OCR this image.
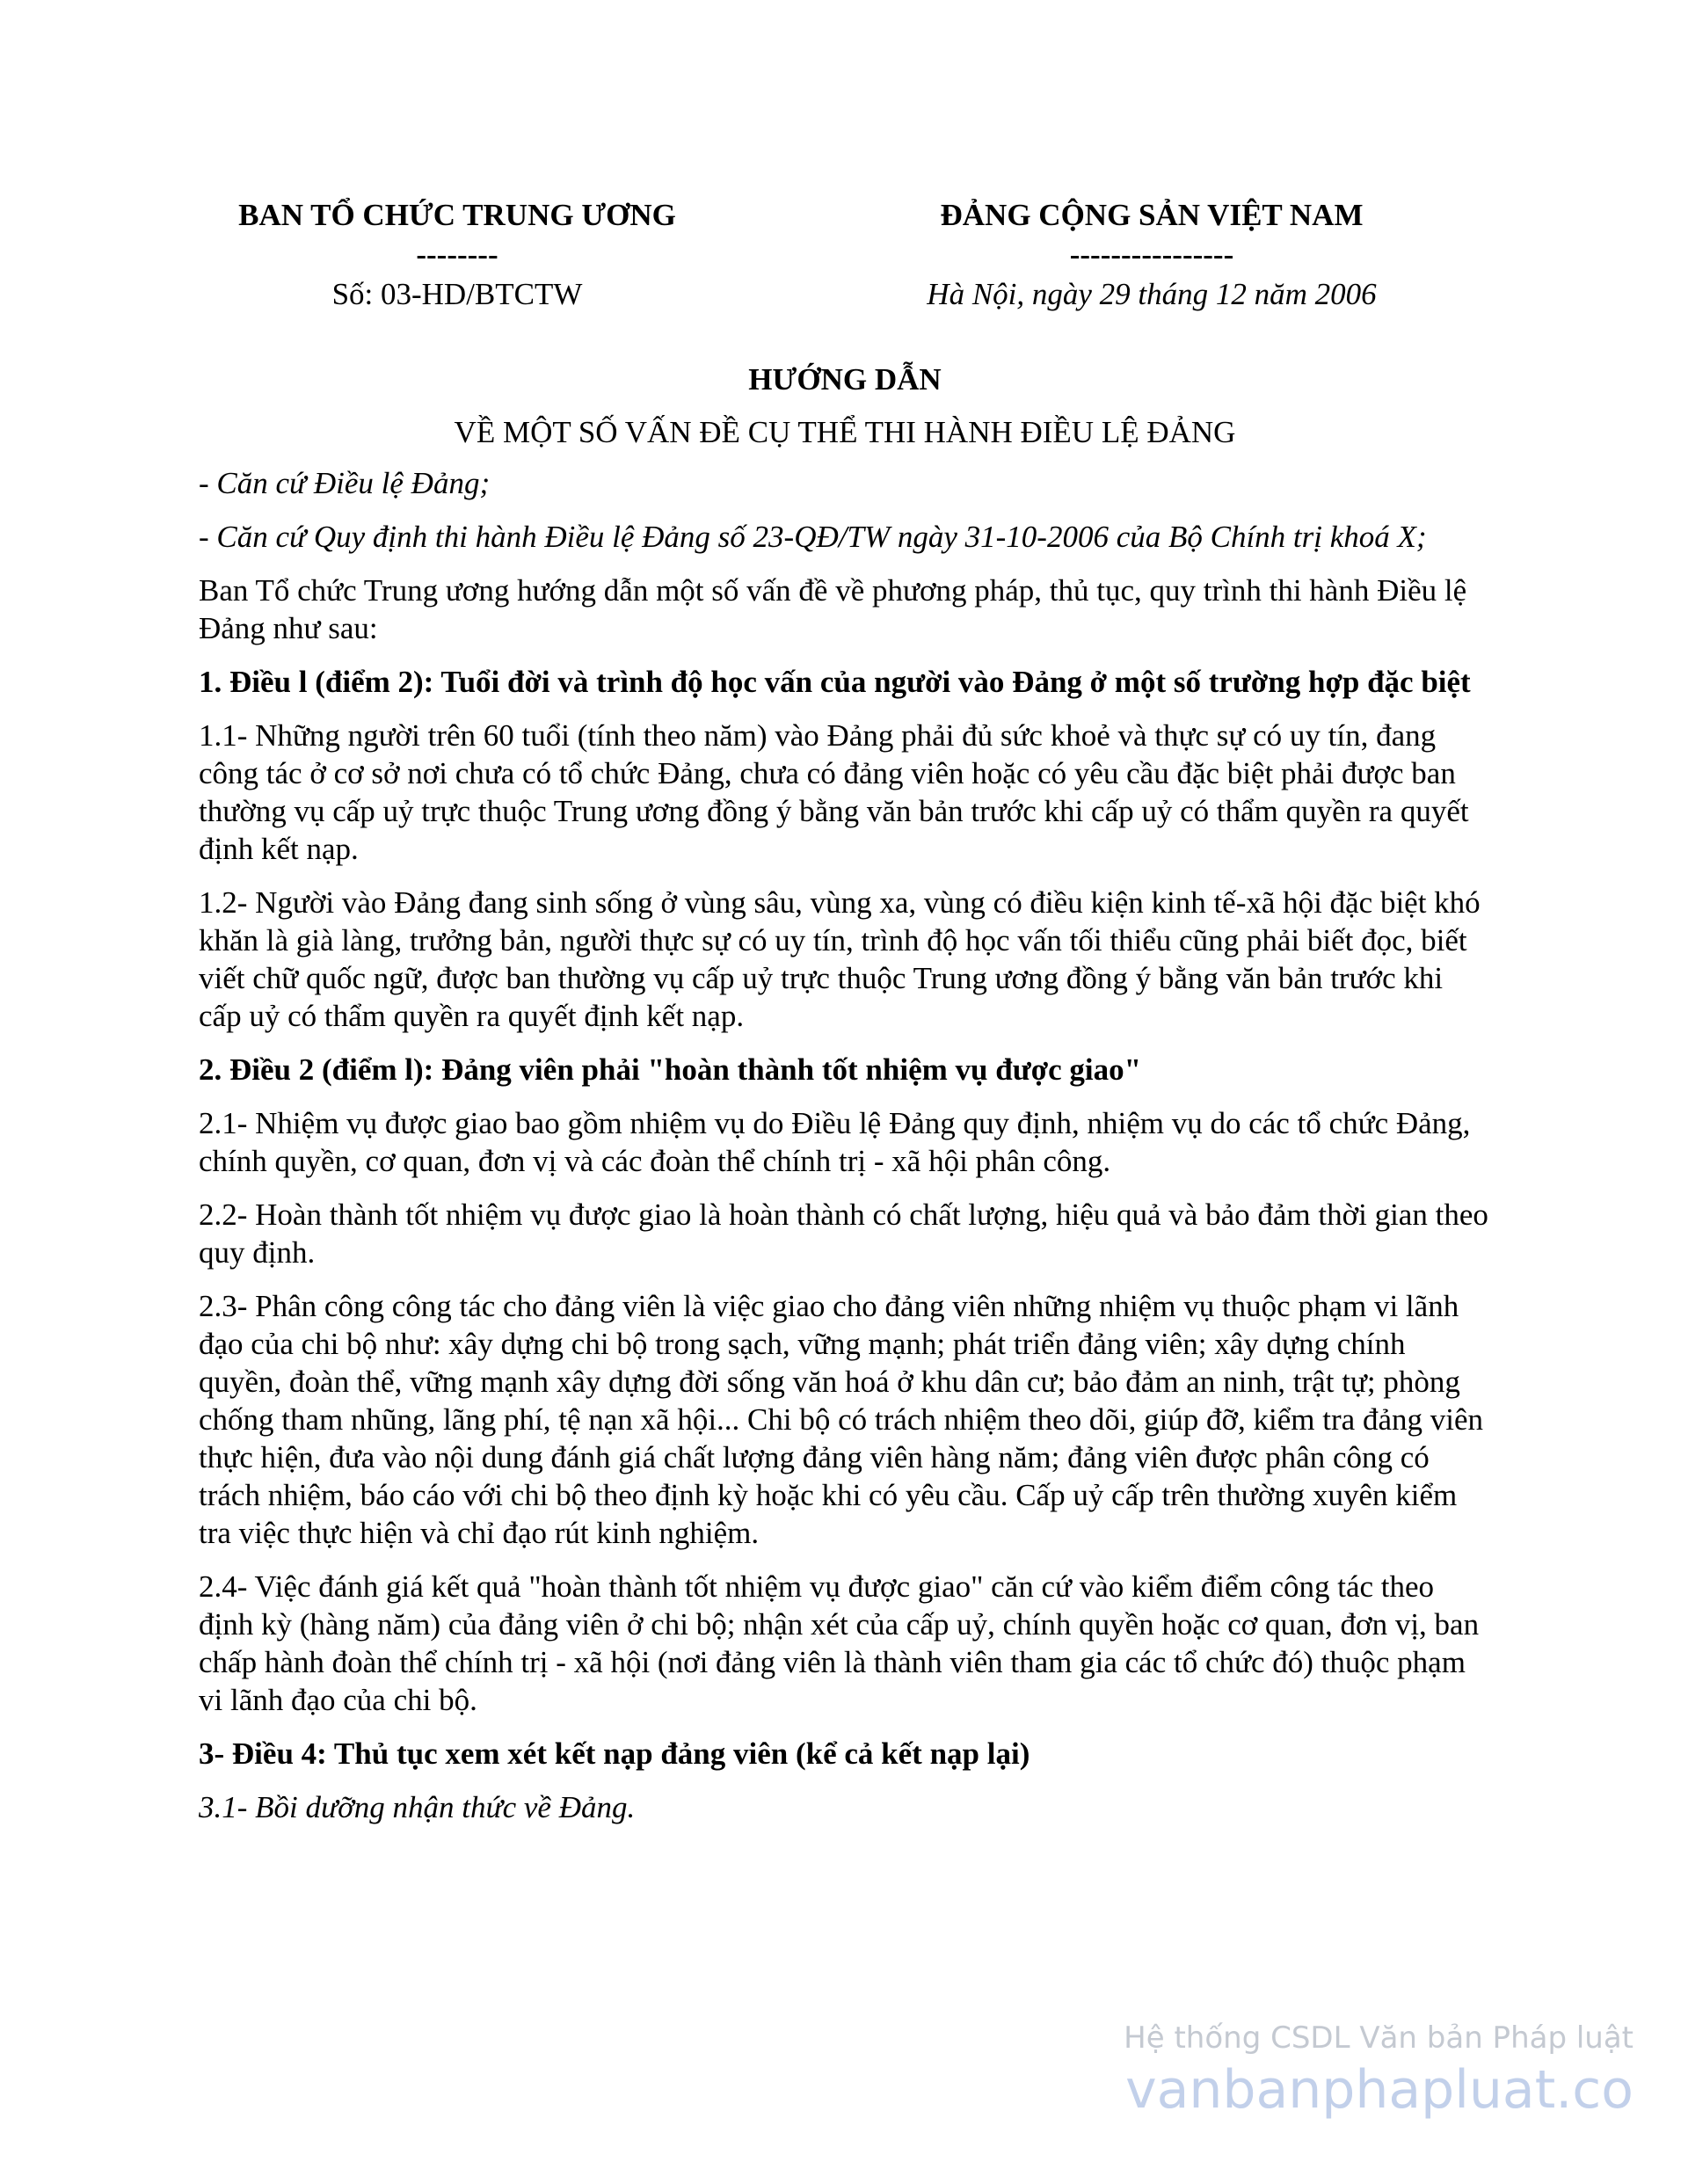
BAN TỔ CHỨC TRUNG ƯƠNG
--------
Số: 03-HD/BTCTW
ĐẢNG CỘNG SẢN VIỆT NAM
----------------
Hà Nội, ngày 29 tháng 12 năm 2006
HƯỚNG DẪN
VỀ MỘT SỐ VẤN ĐỀ CỤ THỂ THI HÀNH ĐIỀU LỆ ĐẢNG
- Căn cứ Điều lệ Đảng;
- Căn cứ Quy định thi hành Điều lệ Đảng số 23-QĐ/TW ngày 31-10-2006 của Bộ Chính trị khoá X;
Ban Tổ chức Trung ương hướng dẫn một số vấn đề về phương pháp, thủ tục, quy trình thi hành Điều lệ Đảng như sau:
1. Điều l (điểm 2): Tuổi đời và trình độ học vấn của người vào Đảng ở một số trường hợp đặc biệt
1.1- Những người trên 60 tuổi (tính theo năm) vào Đảng phải đủ sức khoẻ và thực sự có uy tín, đang công tác ở cơ sở nơi chưa có tổ chức Đảng, chưa có đảng viên hoặc có yêu cầu đặc biệt phải được ban thường vụ cấp uỷ trực thuộc Trung ương đồng ý bằng văn bản trước khi cấp uỷ có thẩm quyền ra quyết định kết nạp.
1.2- Người vào Đảng đang sinh sống ở vùng sâu, vùng xa, vùng có điều kiện kinh tế-xã hội đặc biệt khó khăn là già làng, trưởng bản, người thực sự có uy tín, trình độ học vấn tối thiểu cũng phải biết đọc, biết viết chữ quốc ngữ, được ban thường vụ cấp uỷ trực thuộc Trung ương đồng ý bằng văn bản trước khi cấp uỷ có thẩm quyền ra quyết định kết nạp.
2. Điều 2 (điểm l): Đảng viên phải "hoàn thành tốt nhiệm vụ được giao"
2.1- Nhiệm vụ được giao bao gồm nhiệm vụ do Điều lệ Đảng quy định, nhiệm vụ do các tổ chức Đảng, chính quyền, cơ quan, đơn vị và các đoàn thể chính trị - xã hội phân công.
2.2- Hoàn thành tốt nhiệm vụ được giao là hoàn thành có chất lượng, hiệu quả và bảo đảm thời gian theo quy định.
2.3- Phân công công tác cho đảng viên là việc giao cho đảng viên những nhiệm vụ thuộc phạm vi lãnh đạo của chi bộ như: xây dựng chi bộ trong sạch, vững mạnh; phát triển đảng viên; xây dựng chính quyền, đoàn thể, vững mạnh xây dựng đời sống văn hoá ở khu dân cư; bảo đảm an ninh, trật tự; phòng chống tham nhũng, lãng phí, tệ nạn xã hội... Chi bộ có trách nhiệm theo dõi, giúp đỡ, kiểm tra đảng viên thực hiện, đưa vào nội dung đánh giá chất lượng đảng viên hàng năm; đảng viên được phân công có trách nhiệm, báo cáo với chi bộ theo định kỳ hoặc khi có yêu cầu. Cấp uỷ cấp trên thường xuyên kiểm tra việc thực hiện và chỉ đạo rút kinh nghiệm.
2.4- Việc đánh giá kết quả "hoàn thành tốt nhiệm vụ được giao" căn cứ vào kiểm điểm công tác theo định kỳ (hàng năm) của đảng viên ở chi bộ; nhận xét của cấp uỷ, chính quyền hoặc cơ quan, đơn vị, ban chấp hành đoàn thể chính trị - xã hội (nơi đảng viên là thành viên tham gia các tổ chức đó) thuộc phạm vi lãnh đạo của chi bộ.
3- Điều 4: Thủ tục xem xét kết nạp đảng viên (kể cả kết nạp lại)
3.1- Bồi dưỡng nhận thức về Đảng.
Hệ thống CSDL Văn bản Pháp luật
vanbanphapluat.co
